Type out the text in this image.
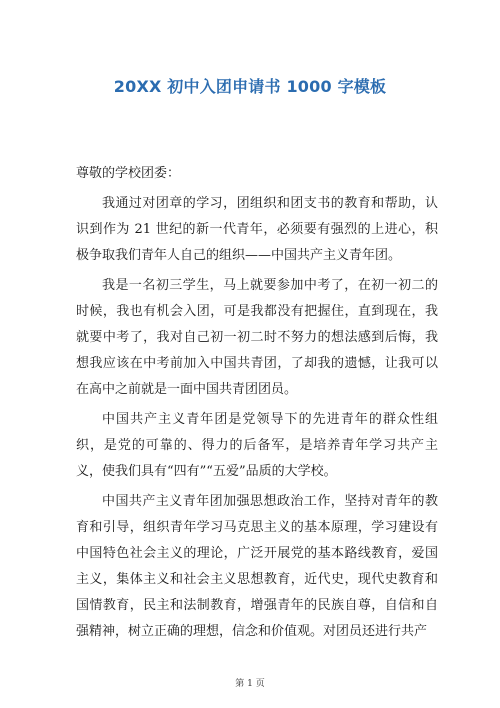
20XX 初中入团申请书 1000 字模板

尊敬的学校团委：

我通过对团章的学习，团组织和团支书的教育和帮助，认识到作为 21 世纪的新一代青年，必须要有强烈的上进心，积极争取我们青年人自己的组织——中国共产主义青年团。

我是一名初三学生，马上就要参加中考了，在初一初二的时候，我也有机会入团，可是我都没有把握住，直到现在，我就要中考了，我对自己初一初二时不努力的想法感到后悔，我想我应该在中考前加入中国共青团，了却我的遗憾，让我可以在高中之前就是一面中国共青团团员。

中国共产主义青年团是党领导下的先进青年的群众性组织，是党的可靠的、得力的后备军，是培养青年学习共产主义，使我们具有“四有”“五爱”品质的大学校。

中国共产主义青年团加强思想政治工作，坚持对青年的教育和引导，组织青年学习马克思主义的基本原理，学习建设有中国特色社会主义的理论，广泛开展党的基本路线教育，爱国主义，集体主义和社会主义思想教育，近代史，现代史教育和国情教育，民主和法制教育，增强青年的民族自尊，自信和自强精神，树立正确的理想，信念和价值观。对团员还进行共产

第 1 页
